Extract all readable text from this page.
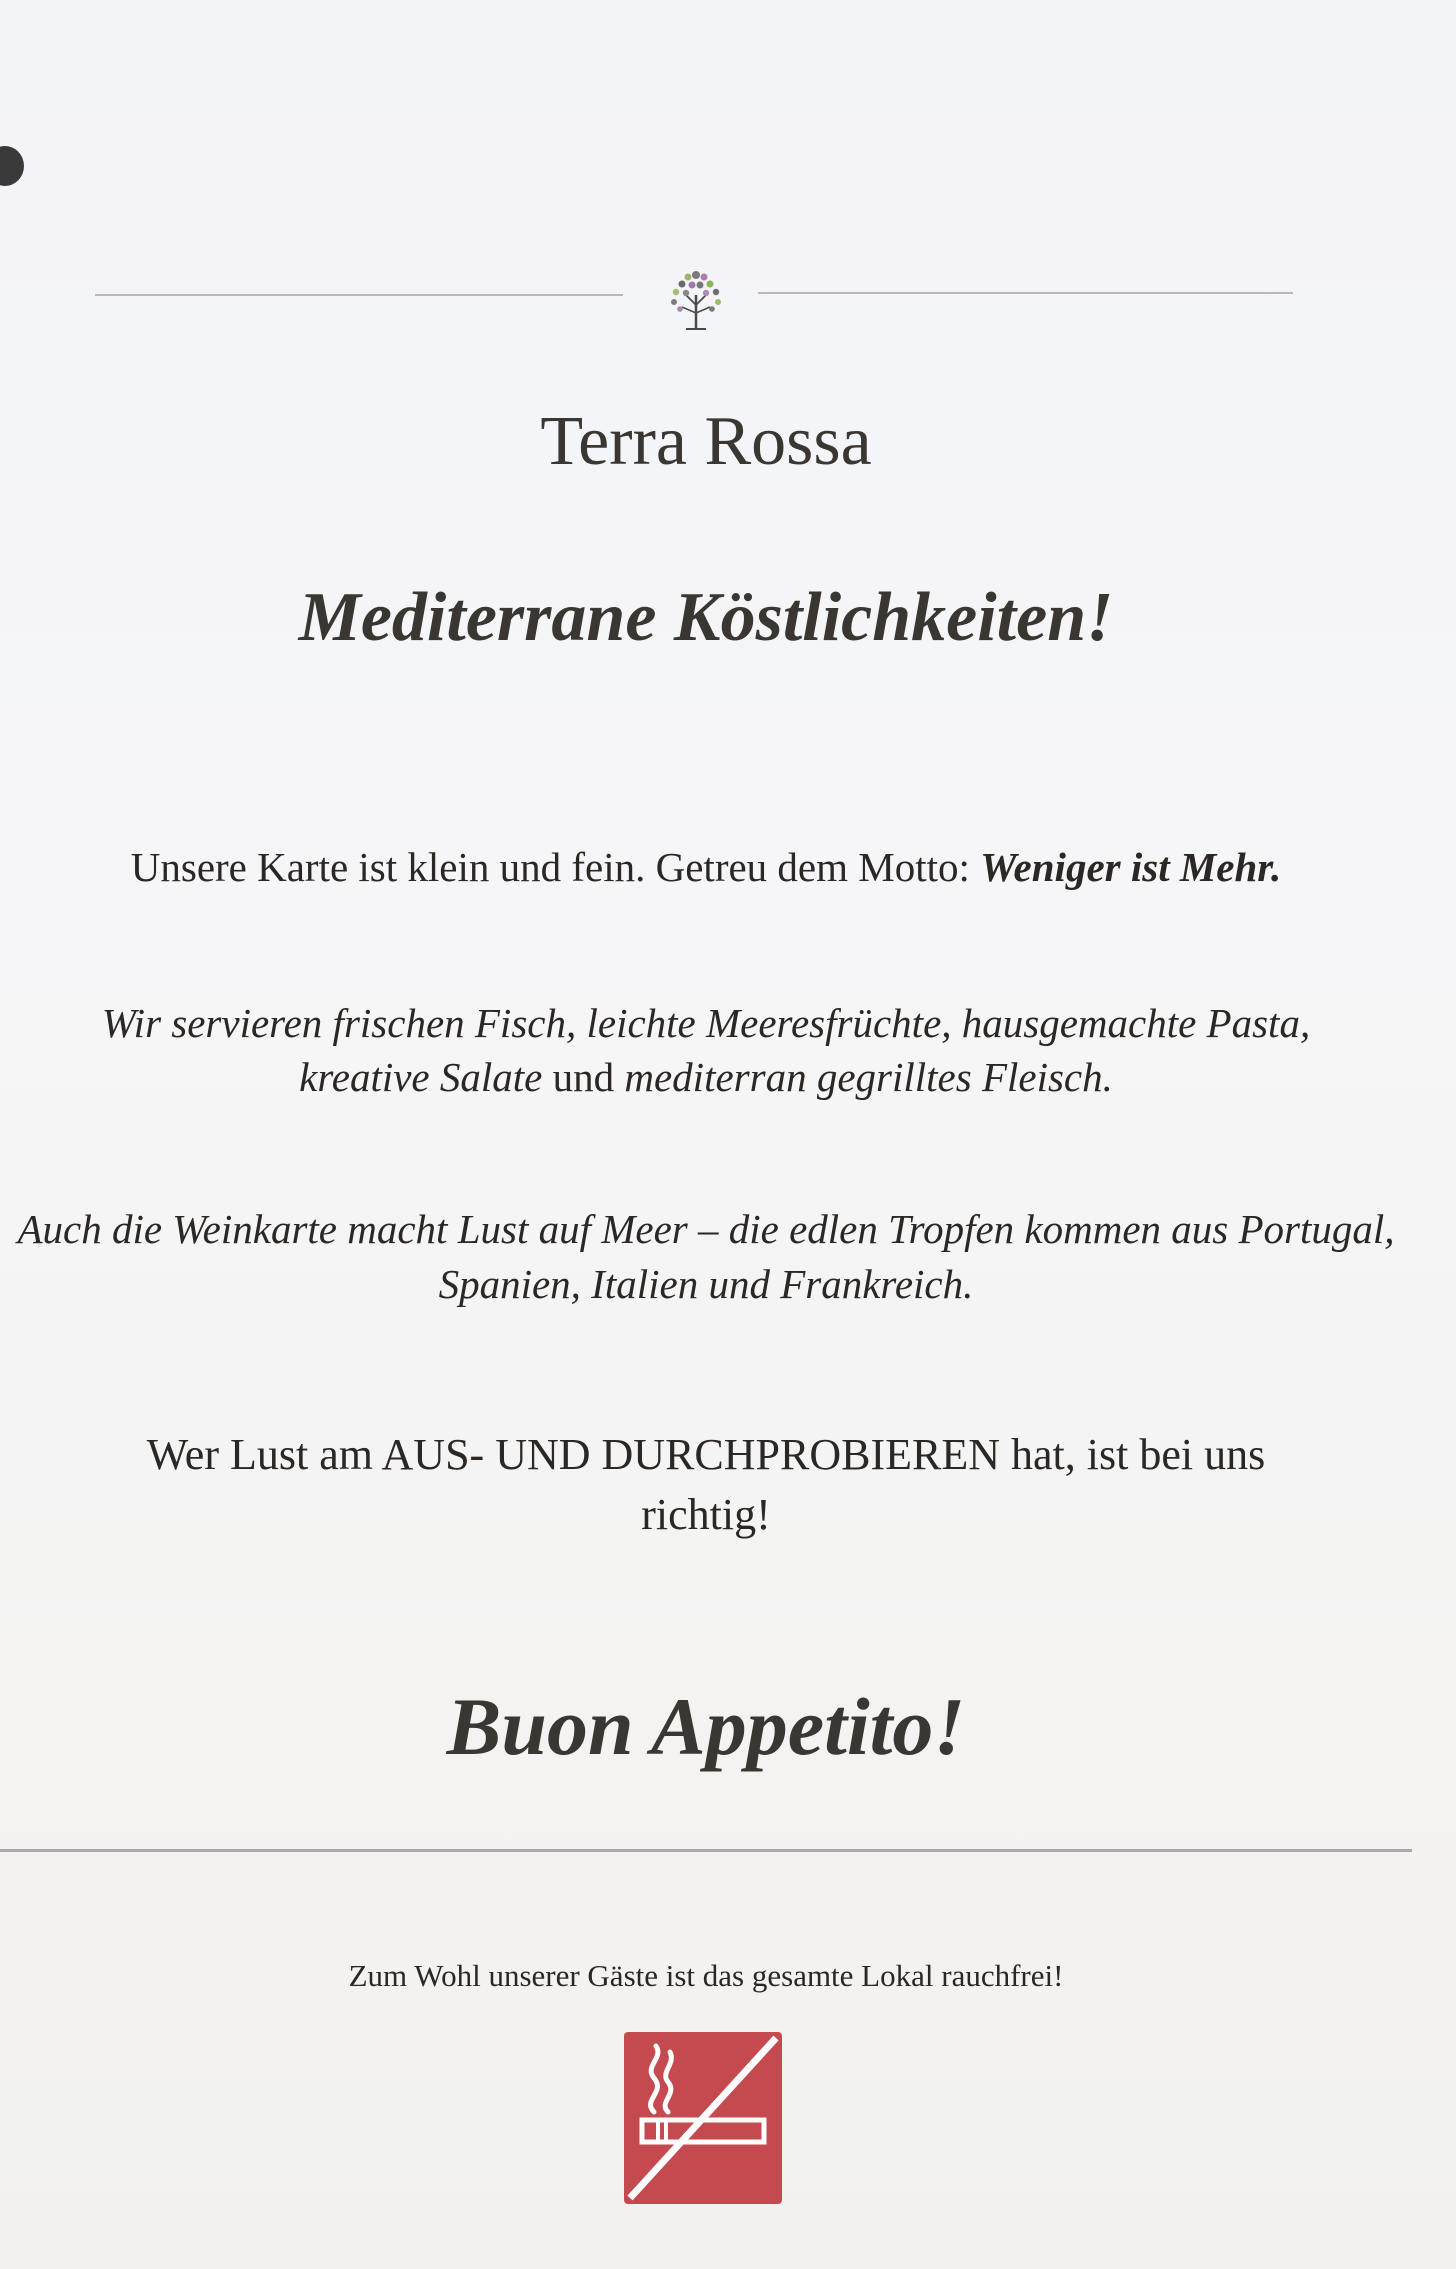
Terra Rossa
Mediterrane Köstlichkeiten!

Unsere Karte ist klein und fein. Getreu dem Motto: Weniger ist Mehr.

Wir servieren frischen Fisch, leichte Meeresfrüchte, hausgemachte Pasta,
kreative Salate und mediterran gegrilltes Fleisch.

Auch die Weinkarte macht Lust auf Meer – die edlen Tropfen kommen aus Portugal, Spanien, Italien und Frankreich.

Wer Lust am AUS- UND DURCHPROBIEREN hat, ist bei uns richtig!

Buon Appetito!

Zum Wohl unserer Gäste ist das gesamte Lokal rauchfrei!
